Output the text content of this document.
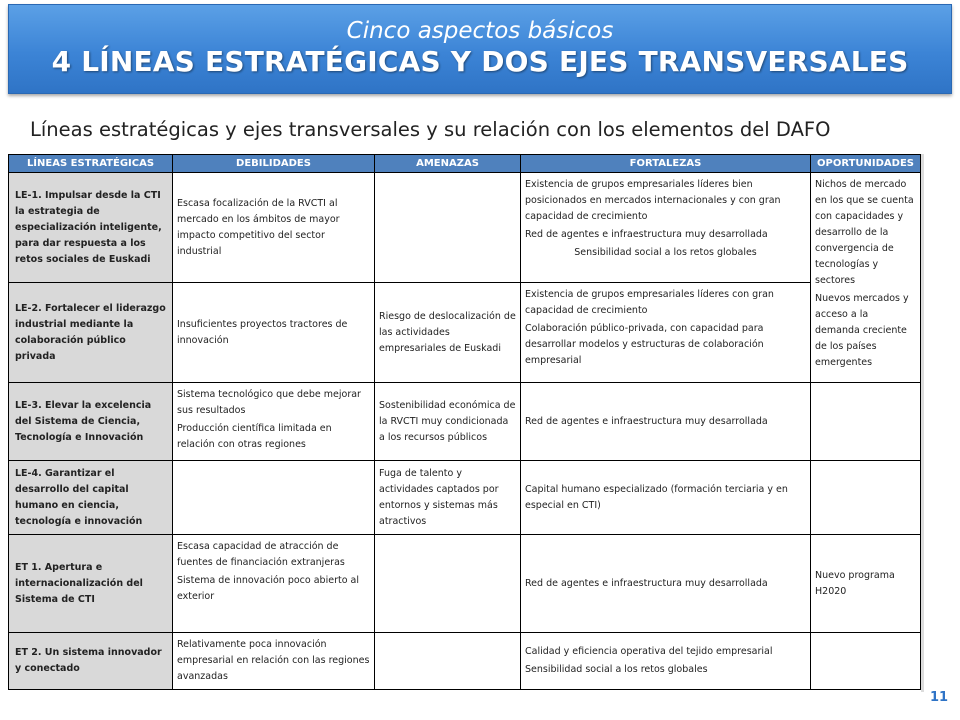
Cinco aspectos básicos
4 LÍNEAS ESTRATÉGICAS Y DOS EJES TRANSVERSALES
Líneas estratégicas y ejes transversales y su relación con los elementos del DAFO
LÍNEAS ESTRATÉGICAS	DEBILIDADES	AMENAZAS	FORTALEZAS	OPORTUNIDADES
LE-1. Impulsar desde la CTI la estrategia de especialización inteligente, para dar respuesta a los retos sociales de Euskadi	Escasa focalización de la RVCTI al mercado en los ámbitos de mayor impacto competitivo del sector industrial		Existencia de grupos empresariales líderes bien posicionados en mercados internacionales y con gran capacidad de crecimiento
Red de agentes e infraestructura muy desarrollada
Sensibilidad social a los retos globales	Nichos de mercado en los que se cuenta con capacidades y desarrollo de la convergencia de tecnologías y sectores
Nuevos mercados y acceso a la demanda creciente de los países emergentes

LE-2. Fortalecer el liderazgo industrial mediante la colaboración público privada	Insuficientes proyectos tractores de innovación	Riesgo de deslocalización de las actividades empresariales de Euskadi	Existencia de grupos empresariales líderes con gran capacidad de crecimiento
Colaboración público-privada, con capacidad para desarrollar modelos y estructuras de colaboración empresarial	

LE-3. Elevar la excelencia del Sistema de Ciencia, Tecnología e Innovación	Sistema tecnológico que debe mejorar sus resultados
Producción científica limitada en relación con otras regiones	Sostenibilidad económica de la RVCTI muy condicionada a los recursos públicos	Red de agentes e infraestructura muy desarrollada	

LE-4. Garantizar el desarrollo del capital humano en ciencia, tecnología e innovación		Fuga de talento y actividades captados por entornos y sistemas más atractivos	Capital humano especializado (formación terciaria y en especial en CTI)	

ET 1. Apertura e internacionalización del Sistema de CTI	Escasa capacidad de atracción de fuentes de financiación extranjeras
Sistema de innovación poco abierto al exterior		Red de agentes e infraestructura muy desarrollada	Nuevo programa H2020

ET 2. Un sistema innovador y conectado	Relativamente poca innovación empresarial en relación con las regiones avanzadas		Calidad y eficiencia operativa del tejido empresarial
Sensibilidad social a los retos globales	

11
